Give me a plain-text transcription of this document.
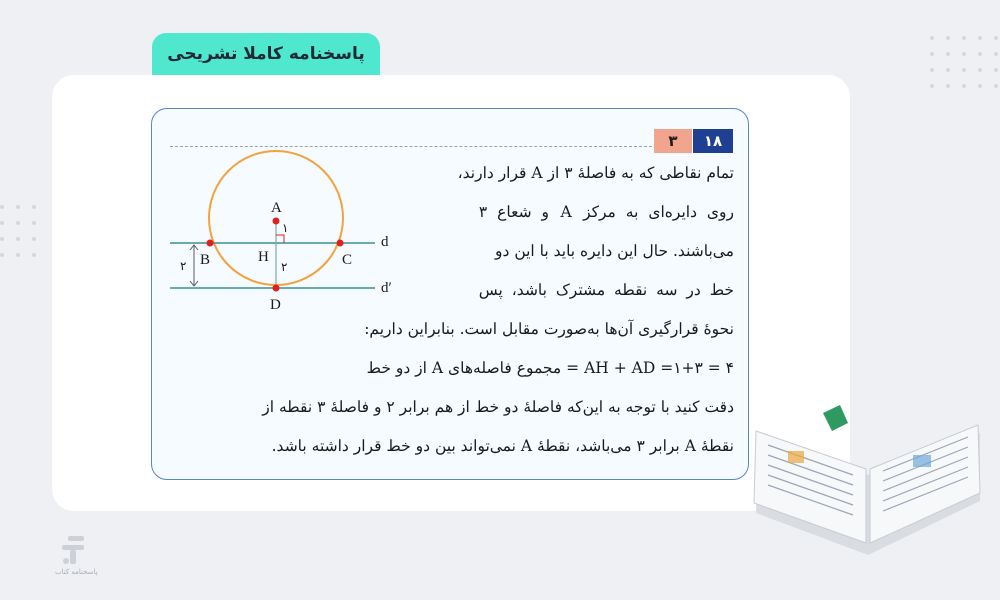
پاسخنامه کاملا تشریحی
۳	۱۸
A
B	C
D
H
d
d′
۱
۲
۲
تمام نقاطی که به فاصلهٔ ۳ از A قرار دارند،
روی دایره‌ای به مرکز A و شعاع ۳
می‌باشند. حال این دایره باید با این دو
خط در سه نقطه مشترک باشد، پس
نحوهٔ قرارگیری آن‌ها به‌صورت مقابل است. بنابراین داریم:
۴ = ۱+۳= AH + AD = مجموع فاصله‌های A از دو خط
دقت کنید با توجه به این‌که فاصلهٔ دو خط از هم برابر ۲ و فاصلهٔ ۳ نقطه از
نقطهٔ A برابر ۳ می‌باشد، نقطهٔ A نمی‌تواند بین دو خط قرار داشته باشد.
پاسخنامه کتاب
